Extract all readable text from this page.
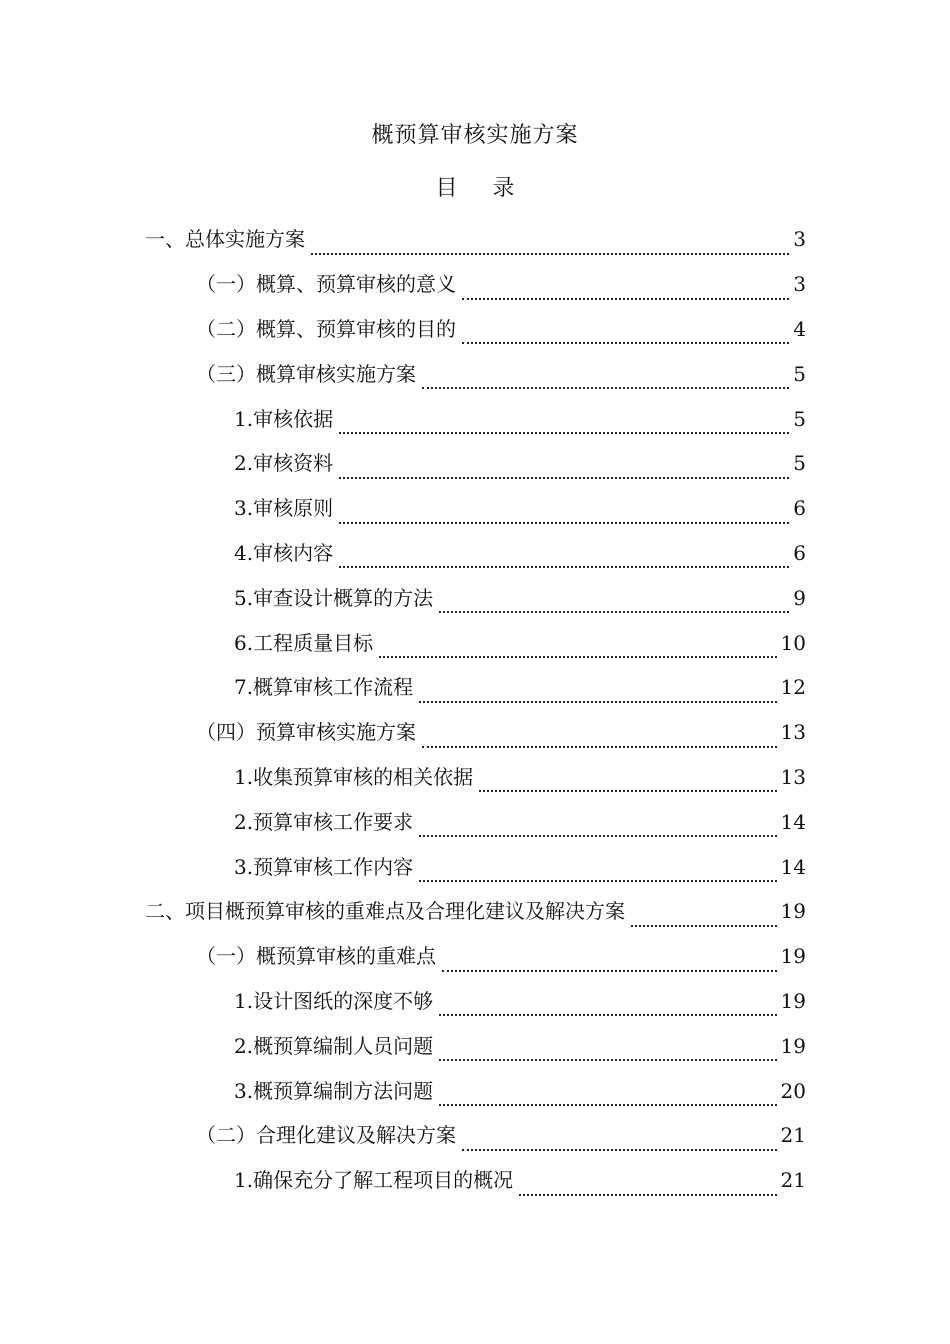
概预算审核实施方案
目 录
一、总体实施方案	3
（一）概算、预算审核的意义	3
（二）概算、预算审核的目的	4
（三）概算审核实施方案	5
1.审核依据	5
2.审核资料	5
3.审核原则	6
4.审核内容	6
5.审查设计概算的方法	9
6.工程质量目标	10
7.概算审核工作流程	12
（四）预算审核实施方案	13
1.收集预算审核的相关依据	13
2.预算审核工作要求	14
3.预算审核工作内容	14
二、项目概预算审核的重难点及合理化建议及解决方案	19
（一）概预算审核的重难点	19
1.设计图纸的深度不够	19
2.概预算编制人员问题	19
3.概预算编制方法问题	20
（二）合理化建议及解决方案	21
1.确保充分了解工程项目的概况	21
